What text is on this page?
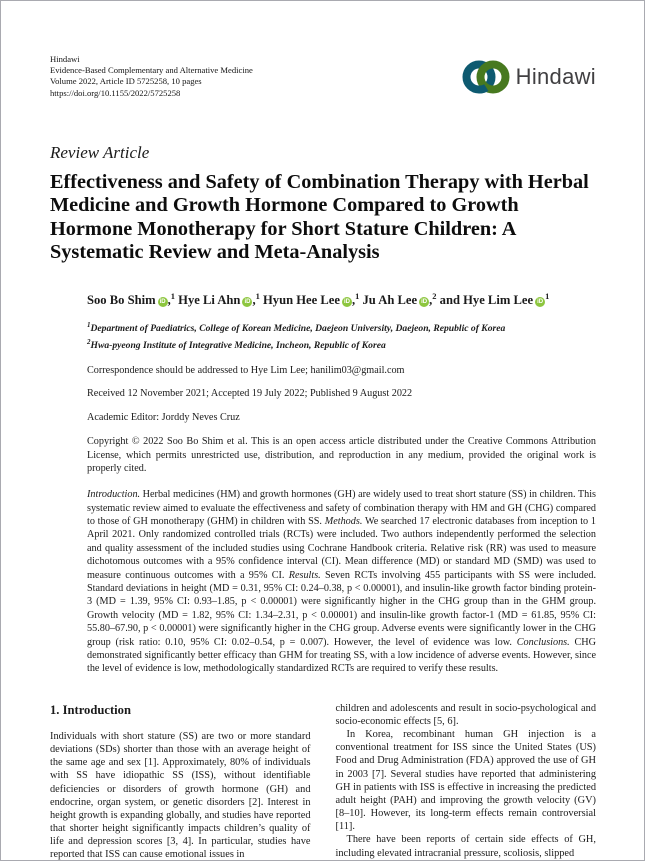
Hindawi
Evidence-Based Complementary and Alternative Medicine
Volume 2022, Article ID 5725258, 10 pages
https://doi.org/10.1155/2022/5725258
Hindawi
Review Article
Effectiveness and Safety of Combination Therapy with Herbal Medicine and Growth Hormone Compared to Growth Hormone Monotherapy for Short Stature Children: A Systematic Review and Meta-Analysis
Soo Bo Shim iD ,$^1$ Hye Li Ahn iD ,$^1$ Hyun Hee Lee iD ,$^1$ Ju Ah Lee iD ,$^2$ and Hye Lim Lee $iD^1$
$^1$Department of Paediatrics, College of Korean Medicine, Daejeon University, Daejeon, Republic of Korea
$^2$Hwa-pyeong Institute of Integrative Medicine, Incheon, Republic of Korea
Correspondence should be addressed to Hye Lim Lee; hanilim03@gmail.com
Received 12 November 2021; Accepted 19 July 2022; Published 9 August 2022
Academic Editor: Jorddy Neves Cruz
Copyright © 2022 Soo Bo Shim et al. This is an open access article distributed under the Creative Commons Attribution License, which permits unrestricted use, distribution, and reproduction in any medium, provided the original work is properly cited.
Introduction. Herbal medicines (HM) and growth hormones (GH) are widely used to treat short stature (SS) in children. This systematic review aimed to evaluate the effectiveness and safety of combination therapy with HM and GH (CHG) compared to those of GH monotherapy (GHM) in children with SS. Methods. We searched 17 electronic databases from inception to 1 April 2021. Only randomized controlled trials (RCTs) were included. Two authors independently performed the selection and quality assessment of the included studies using Cochrane Handbook criteria. Relative risk (RR) was used to measure dichotomous outcomes with a 95% confidence interval (CI). Mean difference (MD) or standard MD (SMD) was used to measure continuous outcomes with a 95% CI. Results. Seven RCTs involving 455 participants with SS were included. Standard deviations in height (MD = 0.31, 95% CI: 0.24–0.38, p < 0.00001), and insulin-like growth factor binding protein-3 (MD = 1.39, 95% CI: 0.93–1.85, p < 0.00001) were significantly higher in the CHG group than in the GHM group. Growth velocity (MD = 1.82, 95% CI: 1.34–2.31, p < 0.00001) and insulin-like growth factor-1 (MD = 61.85, 95% CI: 55.80–67.90, p < 0.00001) were significantly higher in the CHG group. Adverse events were significantly lower in the CHG group (risk ratio: 0.10, 95% CI: 0.02–0.54, p = 0.007). However, the level of evidence was low. Conclusions. CHG demonstrated significantly better efficacy than GHM for treating SS, with a low incidence of adverse events. However, since the level of evidence is low, methodologically standardized RCTs are required to verify these results.
1. Introduction

Individuals with short stature (SS) are two or more standard deviations (SDs) shorter than those with an average height of the same age and sex [1]. Approximately, 80% of individuals with SS have idiopathic SS (ISS), without identifiable deficiencies or disorders of growth hormone (GH) and endocrine, organ system, or genetic disorders [2]. Interest in height growth is expanding globally, and studies have reported that shorter height significantly impacts children’s quality of life and depression scores [3, 4]. In particular, studies have reported that ISS can cause emotional issues in

children and adolescents and result in socio-psychological and socio-economic effects [5, 6].

In Korea, recombinant human GH injection is a conventional treatment for ISS since the United States (US) Food and Drug Administration (FDA) approved the use of GH in 2003 [7]. Several studies have reported that administering GH in patients with ISS is effective in increasing the predicted adult height (PAH) and improving the growth velocity (GV) [8–10]. However, its long-term effects remain controversial [11].

There have been reports of certain side effects of GH, including elevated intracranial pressure, scoliosis, slipped
